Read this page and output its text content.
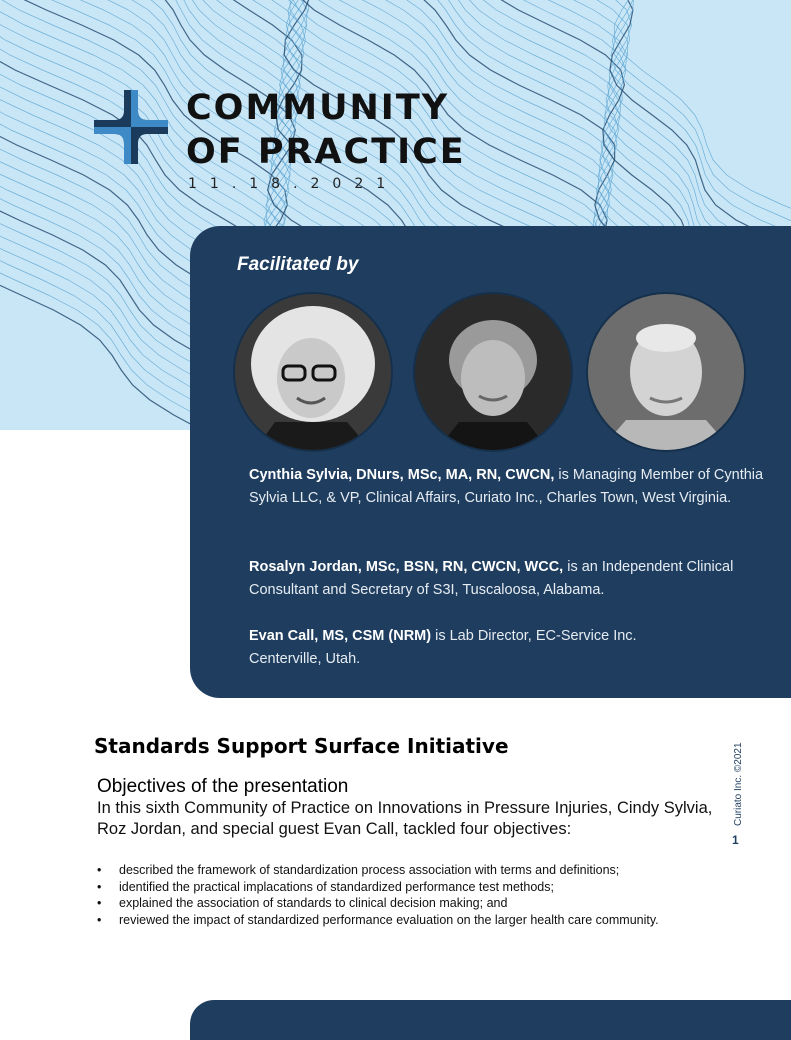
COMMUNITY
OF PRACTICE
11.18.2021
Facilitated by
Cynthia Sylvia, DNurs, MSc, MA, RN, CWCN, is Managing Member of Cynthia Sylvia LLC, & VP, Clinical Affairs, Curiato Inc., Charles Town, West Virginia.
Rosalyn Jordan, MSc, BSN, RN, CWCN, WCC, is an Independent Clinical Consultant and Secretary of S3I, Tuscaloosa, Alabama.
Evan Call, MS, CSM (NRM) is Lab Director, EC-Service Inc. Centerville, Utah.
Standards Support Surface Initiative
Objectives of the presentation
In this sixth Community of Practice on Innovations in Pressure Injuries, Cindy Sylvia, Roz Jordan, and special guest Evan Call, tackled four objectives:
• described the framework of standardization process association with terms and definitions;
• identified the practical implacations of standardized performance test methods;
• explained the association of standards to clinical decision making; and
• reviewed the impact of standardized performance evaluation on the larger health care community.
Curiato Inc. ©2021
1
